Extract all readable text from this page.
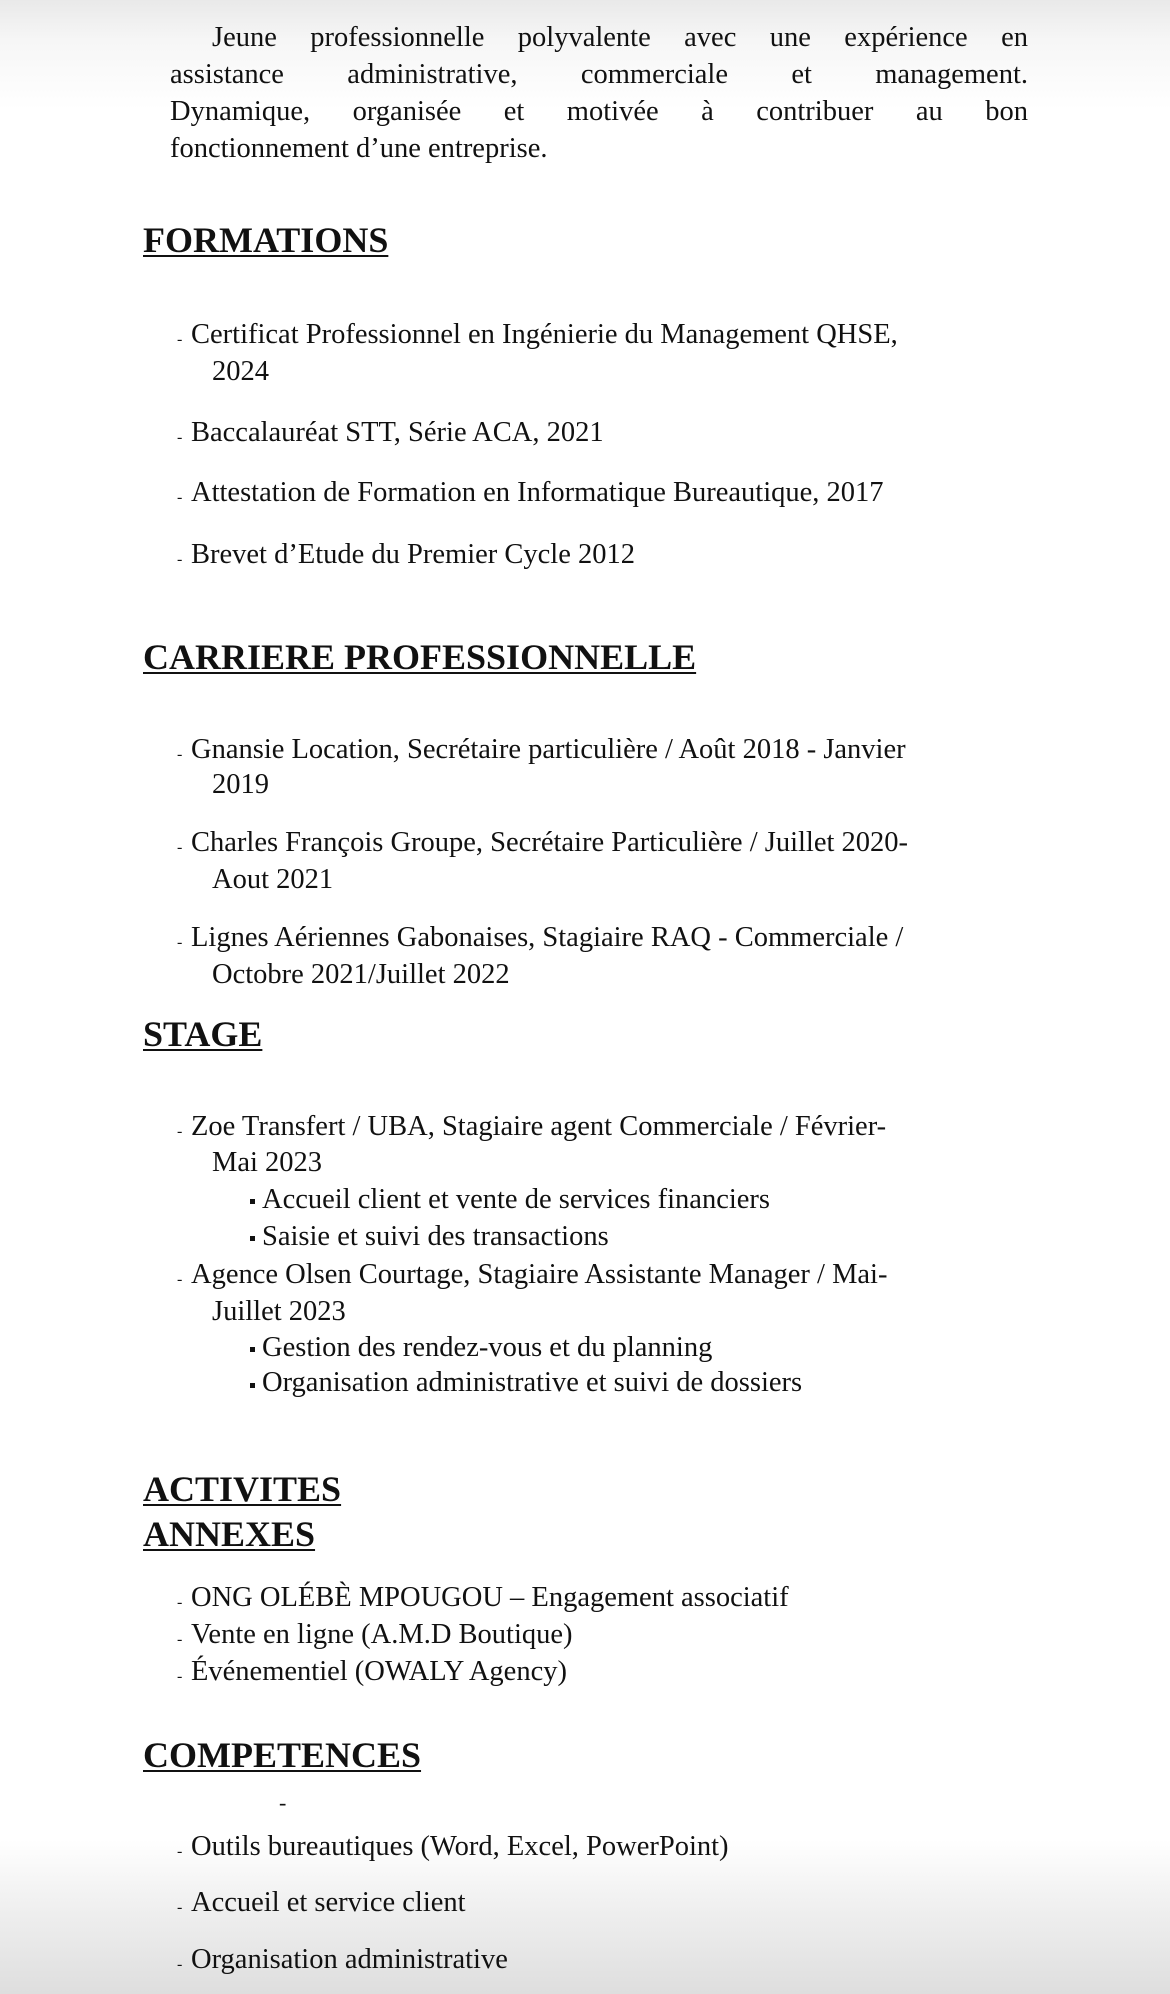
Jeune professionnelle polyvalente avec une expérience en
assistance administrative, commerciale et management.
Dynamique, organisée et motivée à contribuer au bon
fonctionnement d’une entreprise.
FORMATIONS
- Certificat Professionnel en Ingénierie du Management QHSE,
2024
- Baccalauréat STT, Série ACA, 2021
- Attestation de Formation en Informatique Bureautique, 2017
- Brevet d’Etude du Premier Cycle 2012
CARRIERE PROFESSIONNELLE
- Gnansie Location, Secrétaire particulière / Août 2018 - Janvier
2019
- Charles François Groupe, Secrétaire Particulière / Juillet 2020-
Aout 2021
- Lignes Aériennes Gabonaises, Stagiaire RAQ - Commerciale /
Octobre 2021/Juillet 2022
STAGE
- Zoe Transfert / UBA, Stagiaire agent Commerciale / Février-
Mai 2023
Accueil client et vente de services financiers
Saisie et suivi des transactions
- Agence Olsen Courtage, Stagiaire Assistante Manager / Mai-
Juillet 2023
Gestion des rendez-vous et du planning
Organisation administrative et suivi de dossiers
ACTIVITES
ANNEXES
- ONG OLÉBÈ MPOUGOU – Engagement associatif
- Vente en ligne (A.M.D Boutique)
- Événementiel (OWALY Agency)
COMPETENCES
-
- Outils bureautiques (Word, Excel, PowerPoint)
- Accueil et service client
- Organisation administrative
